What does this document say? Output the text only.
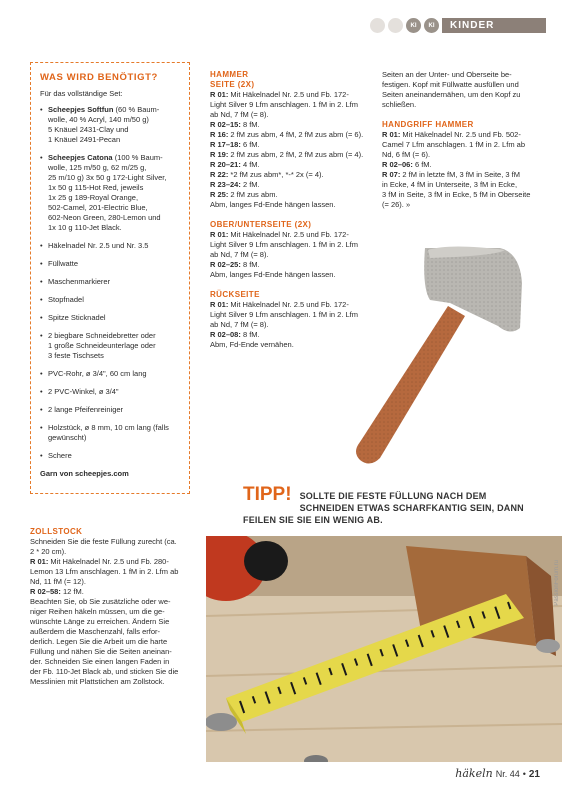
KI	KI	KINDER
WAS WIRD BENÖTIGT?
Für das vollständige Set:
• Scheepjes Softfun (60 % Baum-
wolle, 40 % Acryl, 140 m/50 g)
5 Knäuel 2431-Clay und
1 Knäuel 2491-Pecan
• Scheepjes Catona (100 % Baum-
wolle, 125 m/50 g, 62 m/25 g,
25 m/10 g) 3x 50 g 172-Light Silver,
1x 50 g 115-Hot Red, jeweils
1x 25 g 189-Royal Orange,
502-Camel, 201-Electric Blue,
602-Neon Green, 280-Lemon und
1x 10 g 110-Jet Black.
• Häkelnadel Nr. 2.5 und Nr. 3.5
• Füllwatte
• Maschenmarkierer
• Stopfnadel
• Spitze Sticknadel
• 2 biegbare Schneidebretter oder
1 große Schneideunterlage oder
3 feste Tischsets
• PVC-Rohr, ø 3/4", 60 cm lang
• 2 PVC-Winkel, ø 3/4"
• 2 lange Pfeifenreiniger
• Holzstück, ø 8 mm, 10 cm lang (falls
gewünscht)
• Schere
Garn von scheepjes.com
HAMMER
SEITE (2X)

R 01: Mit Häkelnadel Nr. 2.5 und Fb. 172-

Light Silver 9 Lfm anschlagen. 1 fM in 2. Lfm

ab Nd, 7 fM (= 8).

R 02–15: 8 fM.

R 16: 2 fM zus abm, 4 fM, 2 fM zus abm (= 6).

R 17–18: 6 fM.

R 19: 2 fM zus abm, 2 fM, 2 fM zus abm (= 4).

R 20–21: 4 fM.

R 22: *2 fM zus abm*, *-* 2x (= 4).

R 23–24: 2 fM.

R 25: 2 fM zus abm.

Abm, langes Fd-Ende hängen lassen.

OBER/UNTERSEITE (2X)

R 01: Mit Häkelnadel Nr. 2.5 und Fb. 172-

Light Silver 9 Lfm anschlagen. 1 fM in 2. Lfm

ab Nd, 7 fM (= 8).

R 02–25: 8 fM.

Abm, langes Fd-Ende hängen lassen.

RÜCKSEITE

R 01: Mit Häkelnadel Nr. 2.5 und Fb. 172-

Light Silver 9 Lfm anschlagen. 1 fM in 2. Lfm

ab Nd, 7 fM (= 8).

R 02–08: 8 fM.

Abm, Fd-Ende vernähen.

Seiten an der Unter- und Oberseite be-

festigen. Kopf mit Füllwatte ausfüllen und

Seiten aneinandernähen, um den Kopf zu

schließen.

HANDGRIFF HAMMER

R 01: Mit Häkelnadel Nr. 2.5 und Fb. 502-

Camel 7 Lfm anschlagen. 1 fM in 2. Lfm ab

Nd, 6 fM (= 6).

R 02–06: 6 fM.

R 07: 2 fM in letzte fM, 3 fM in Seite, 3 fM

in Ecke, 4 fM in Unterseite, 3 fM in Ecke,

3 fM in Seite, 3 fM in Ecke, 5 fM in Oberseite

(= 26). »

TIPP! SOLLTE DIE FESTE FÜLLUNG NACH DEM SCHNEIDEN ETWAS SCHARFKANTIG SEIN, DANN FEILEN SIE SIE EIN WENIG AB.
ZOLLSTOCK

Schneiden Sie die feste Füllung zurecht (ca.

2 * 20 cm).

R 01: Mit Häkelnadel Nr. 2.5 und Fb. 280-

Lemon 13 Lfm anschlagen. 1 fM in 2. Lfm ab

Nd, 11 fM (= 12).

R 02–58: 12 fM.

Beachten Sie, ob Sie zusätzliche oder we-

niger Reihen häkeln müssen, um die ge-

wünschte Länge zu erreichen. Ändern Sie

außerdem die Maschenzahl, falls erfor-

derlich. Legen Sie die Arbeit um die harte

Füllung und nähen Sie die Seiten aneinan-

der. Schneiden Sie einen langen Faden in

der Fb. 110-Jet Black ab, und sticken Sie die

Messlinien mit Plattstichen am Zollstock.

PassionForum.ru
häkeln Nr. 44 • 21
